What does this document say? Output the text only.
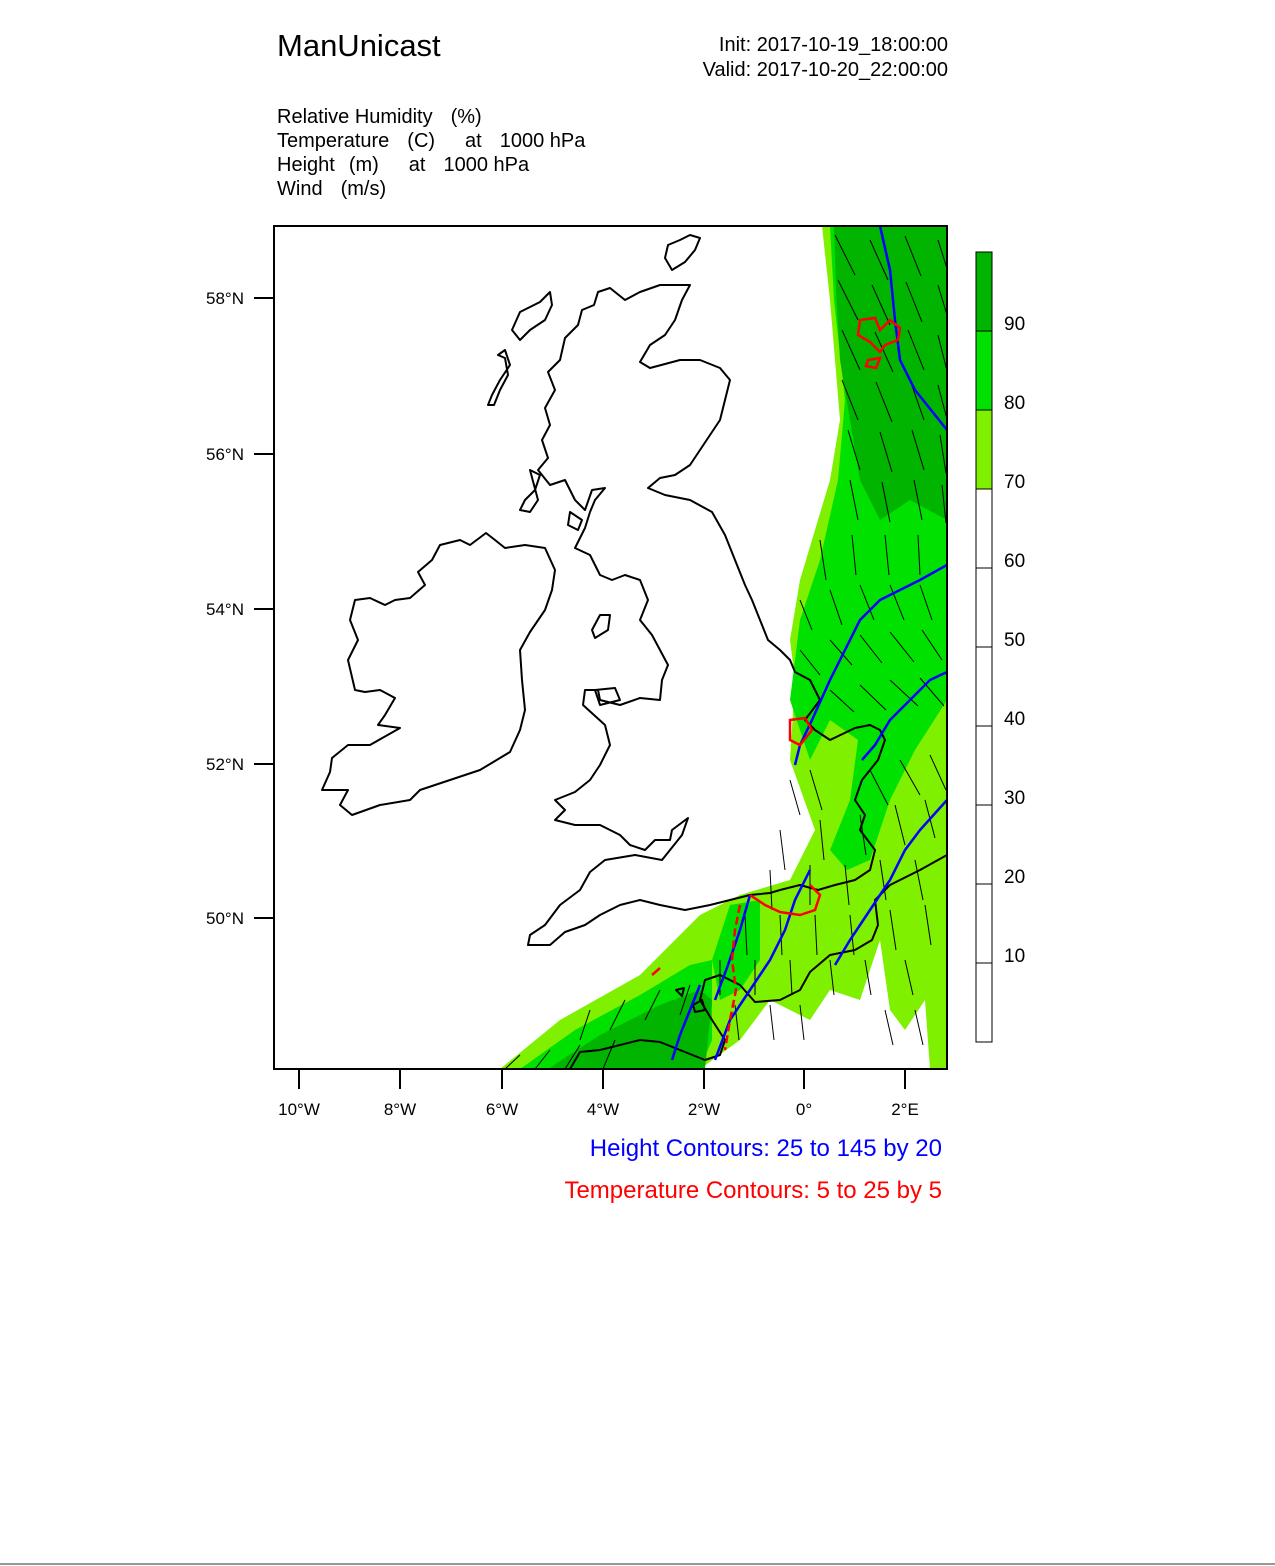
ManUnicast	Init: 2017-10-19_18:00:00
Valid: 2017-10-20_22:00:00
Relative Humidity (%)
Temperature (C) at 1000 hPa
Height (m) at 1000 hPa
Wind (m/s)
58°N
56°N
54°N
52°N
50°N
10°W	8°W	6°W	4°W	2°W	0°	2°E
90
80
70
60
50
40
30
20
10
Height Contours: 25 to 145 by 20
Temperature Contours: 5 to 25 by 5
